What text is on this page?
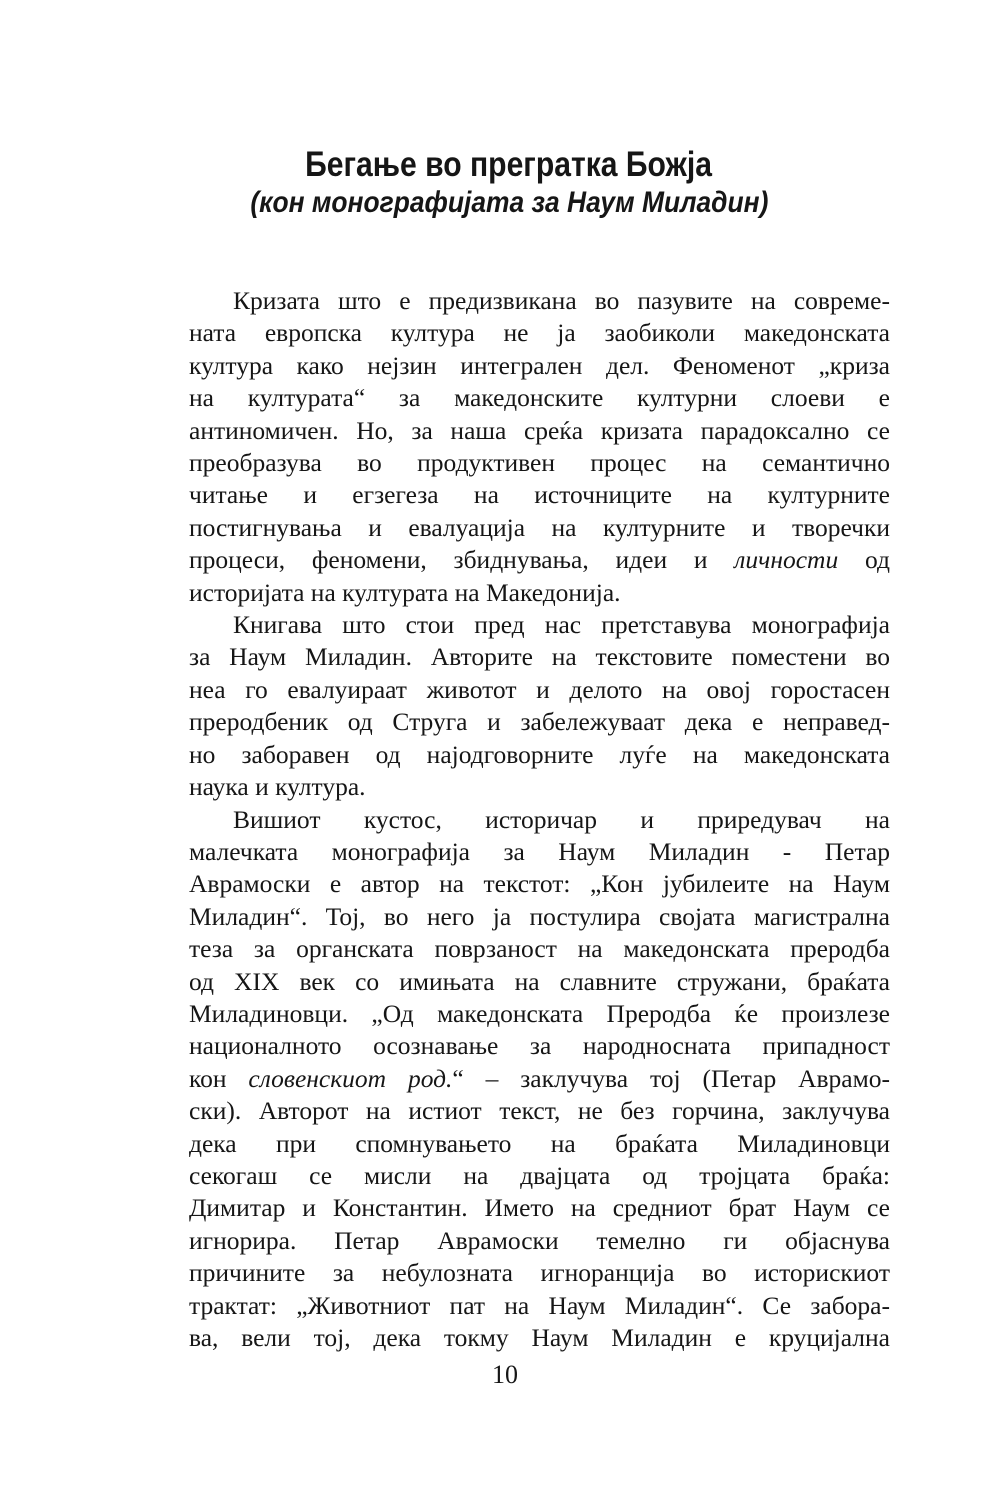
Бегање во прегратка Божја
(кон монографијата за Наум Миладин)
Кризата што е предизвикана во пазувите на совреме-
ната европска култура не ја заобиколи македонската
култура како нејзин интегрален дел. Феноменот „криза
на културата“ за македонските културни слоеви е
антиномичен. Но, за наша среќа кризата парадоксално се
преобразува во продуктивен процес на семантично
читање и егзегеза на источниците на културните
постигнувања и евалуација на културните и творечки
процеси, феномени, збиднувања, идеи и личности од
историјата на културата на Македонија.
Книгава што стои пред нас претставува монографија
за Наум Миладин. Авторите на текстовите поместени во
неа го евалуираат животот и делото на овој горостасен
преродбеник од Струга и забележуваат дека е неправед-
но заборавен од најодговорните луѓе на македонската
наука и култура.
Вишиот кустос, историчар и приредувач на
малечката монографија за Наум Миладин - Петар
Аврамоски е автор на текстот: „Кон јубилеите на Наум
Миладин“. Тој, во него ја постулира својата магистрална
теза за органската поврзаност на македонската преродба
од XIX век со имињата на славните стружани, браќата
Миладиновци. „Од македонската Преродба ќе произлезе
националното осознавање за народносната припадност
кон словенскиот род.“ – заклучува тој (Петар Аврамо-
ски). Авторот на истиот текст, не без горчина, заклучува
дека при спомнувањето на браќата Миладиновци
секогаш се мисли на двајцата од тројцата браќа:
Димитар и Константин. Името на средниот брат Наум се
игнорира. Петар Аврамоски темелно ги објаснува
причините за небулозната игноранција во историскиот
трактат: „Животниот пат на Наум Миладин“. Се забора-
ва, вели тој, дека токму Наум Миладин е круцијална
10
